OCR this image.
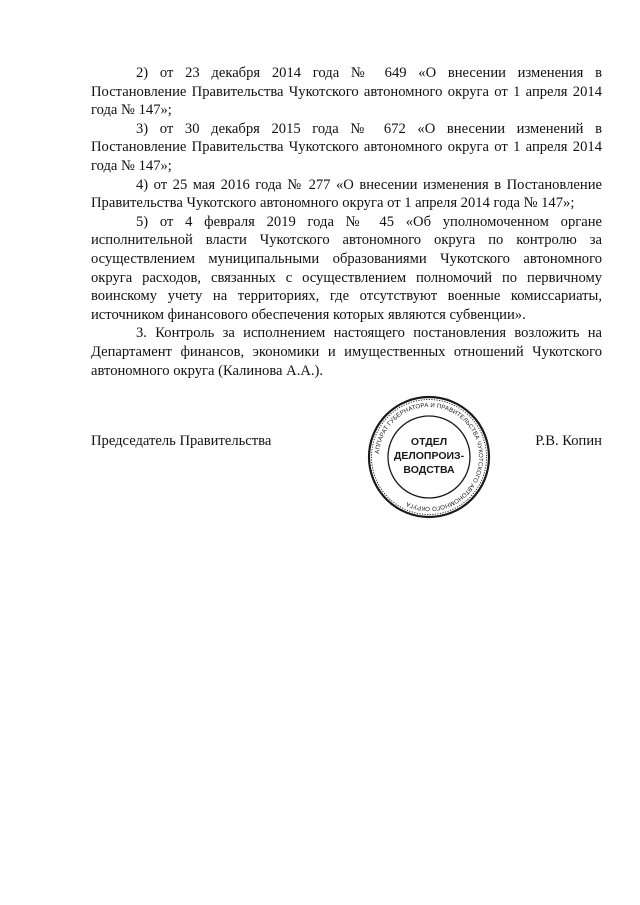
2) от 23 декабря 2014 года № 649 «О внесении изменения в Постановление Правительства Чукотского автономного округа от 1 апреля 2014 года № 147»;

3) от 30 декабря 2015 года № 672 «О внесении изменений в Постановление Правительства Чукотского автономного округа от 1 апреля 2014 года № 147»;

4) от 25 мая 2016 года № 277 «О внесении изменения в Постановление Правительства Чукотского автономного округа от 1 апреля 2014 года № 147»;

5) от 4 февраля 2019 года № 45 «Об уполномоченном органе исполнительной власти Чукотского автономного округа по контролю за осуществлением муниципальными образованиями Чукотского автономного округа расходов, связанных с осуществлением полномочий по первичному воинскому учету на территориях, где отсутствуют военные комиссариаты, источником финансового обеспечения которых являются субвенции».

3. Контроль за исполнением настоящего постановления возложить на Департамент финансов, экономики и имущественных отношений Чукотского автономного округа (Калинова А.А.).

Председатель Правительства	Р.В. Копин
АППАРАТ ГУБЕРНАТОРА И ПРАВИТЕЛЬСТВА ЧУКОТСКОГО АВТОНОМНОГО ОКРУГА
ОТДЕЛ
ДЕЛОПРОИЗ-
ВОДСТВА
